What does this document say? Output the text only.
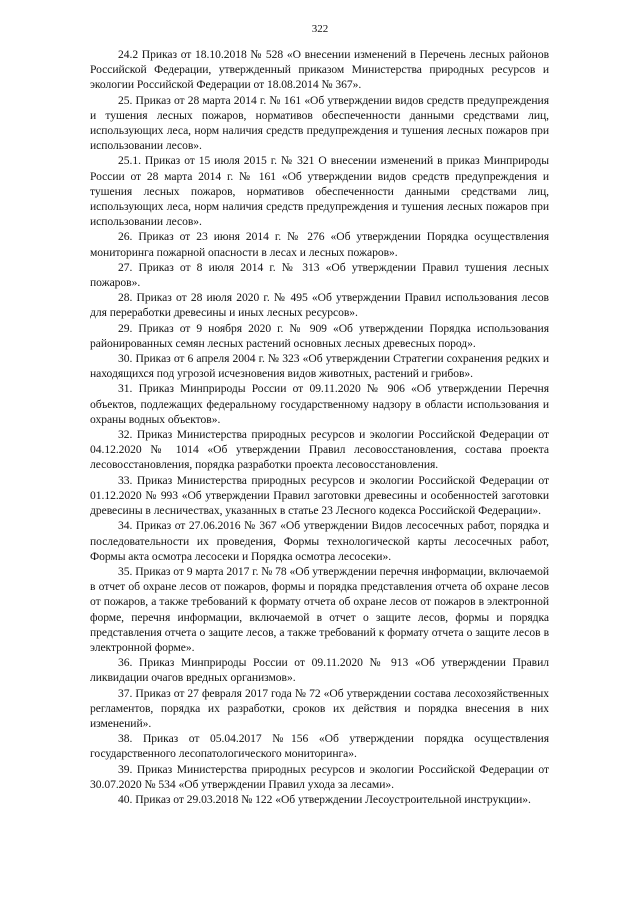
322

24.2 Приказ от 18.10.2018 № 528 «О внесении изменений в Перечень лесных районов Российской Федерации, утвержденный приказом Министерства природных ресурсов и экологии Российской Федерации от 18.08.2014 № 367».

25. Приказ от 28 марта 2014 г. № 161 «Об утверждении видов средств предупреждения и тушения лесных пожаров, нормативов обеспеченности данными средствами лиц, использующих леса, норм наличия средств предупреждения и тушения лесных пожаров при использовании лесов».

25.1. Приказ от 15 июля 2015 г. № 321 О внесении изменений в приказ Минприроды России от 28 марта 2014 г. № 161 «Об утверждении видов средств предупреждения и тушения лесных пожаров, нормативов обеспеченности данными средствами лиц, использующих леса, норм наличия средств предупреждения и тушения лесных пожаров при использовании лесов».

26. Приказ от 23 июня 2014 г. № 276 «Об утверждении Порядка осуществления мониторинга пожарной опасности в лесах и лесных пожаров».

27. Приказ от 8 июля 2014 г. № 313 «Об утверждении Правил тушения лесных пожаров».

28. Приказ от 28 июля 2020 г. № 495 «Об утверждении Правил использования лесов для переработки древесины и иных лесных ресурсов».

29. Приказ от 9 ноября 2020 г. № 909 «Об утверждении Порядка использования районированных семян лесных растений основных лесных древесных пород».

30. Приказ от 6 апреля 2004 г. № 323 «Об утверждении Стратегии сохранения редких и находящихся под угрозой исчезновения видов животных, растений и грибов».

31. Приказ Минприроды России от 09.11.2020 № 906 «Об утверждении Перечня объектов, подлежащих федеральному государственному надзору в области использования и охраны водных объектов».

32. Приказ Министерства природных ресурсов и экологии Российской Федерации от 04.12.2020 № 1014 «Об утверждении Правил лесовосстановления, состава проекта лесовосстановления, порядка разработки проекта лесовосстановления.

33. Приказ Министерства природных ресурсов и экологии Российской Федерации от 01.12.2020 № 993 «Об утверждении Правил заготовки древесины и особенностей заготовки древесины в лесничествах, указанных в статье 23 Лесного кодекса Российской Федерации».

34. Приказ от 27.06.2016 № 367 «Об утверждении Видов лесосечных работ, порядка и последовательности их проведения, Формы технологической карты лесосечных работ, Формы акта осмотра лесосеки и Порядка осмотра лесосеки».

35. Приказ от 9 марта 2017 г. № 78 «Об утверждении перечня информации, включаемой в отчет об охране лесов от пожаров, формы и порядка представления отчета об охране лесов от пожаров, а также требований к формату отчета об охране лесов от пожаров в электронной форме, перечня информации, включаемой в отчет о защите лесов, формы и порядка представления отчета о защите лесов, а также требований к формату отчета о защите лесов в электронной форме».

36. Приказ Минприроды России от 09.11.2020 № 913 «Об утверждении Правил ликвидации очагов вредных организмов».

37. Приказ от 27 февраля 2017 года № 72 «Об утверждении состава лесохозяйственных регламентов, порядка их разработки, сроков их действия и порядка внесения в них изменений».

38. Приказ от 05.04.2017 №156 «Об утверждении порядка осуществления государственного лесопатологического мониторинга».

39. Приказ Министерства природных ресурсов и экологии Российской Федерации от 30.07.2020 № 534 «Об утверждении Правил ухода за лесами».

40. Приказ от 29.03.2018 № 122 «Об утверждении Лесоустроительной инструкции».
